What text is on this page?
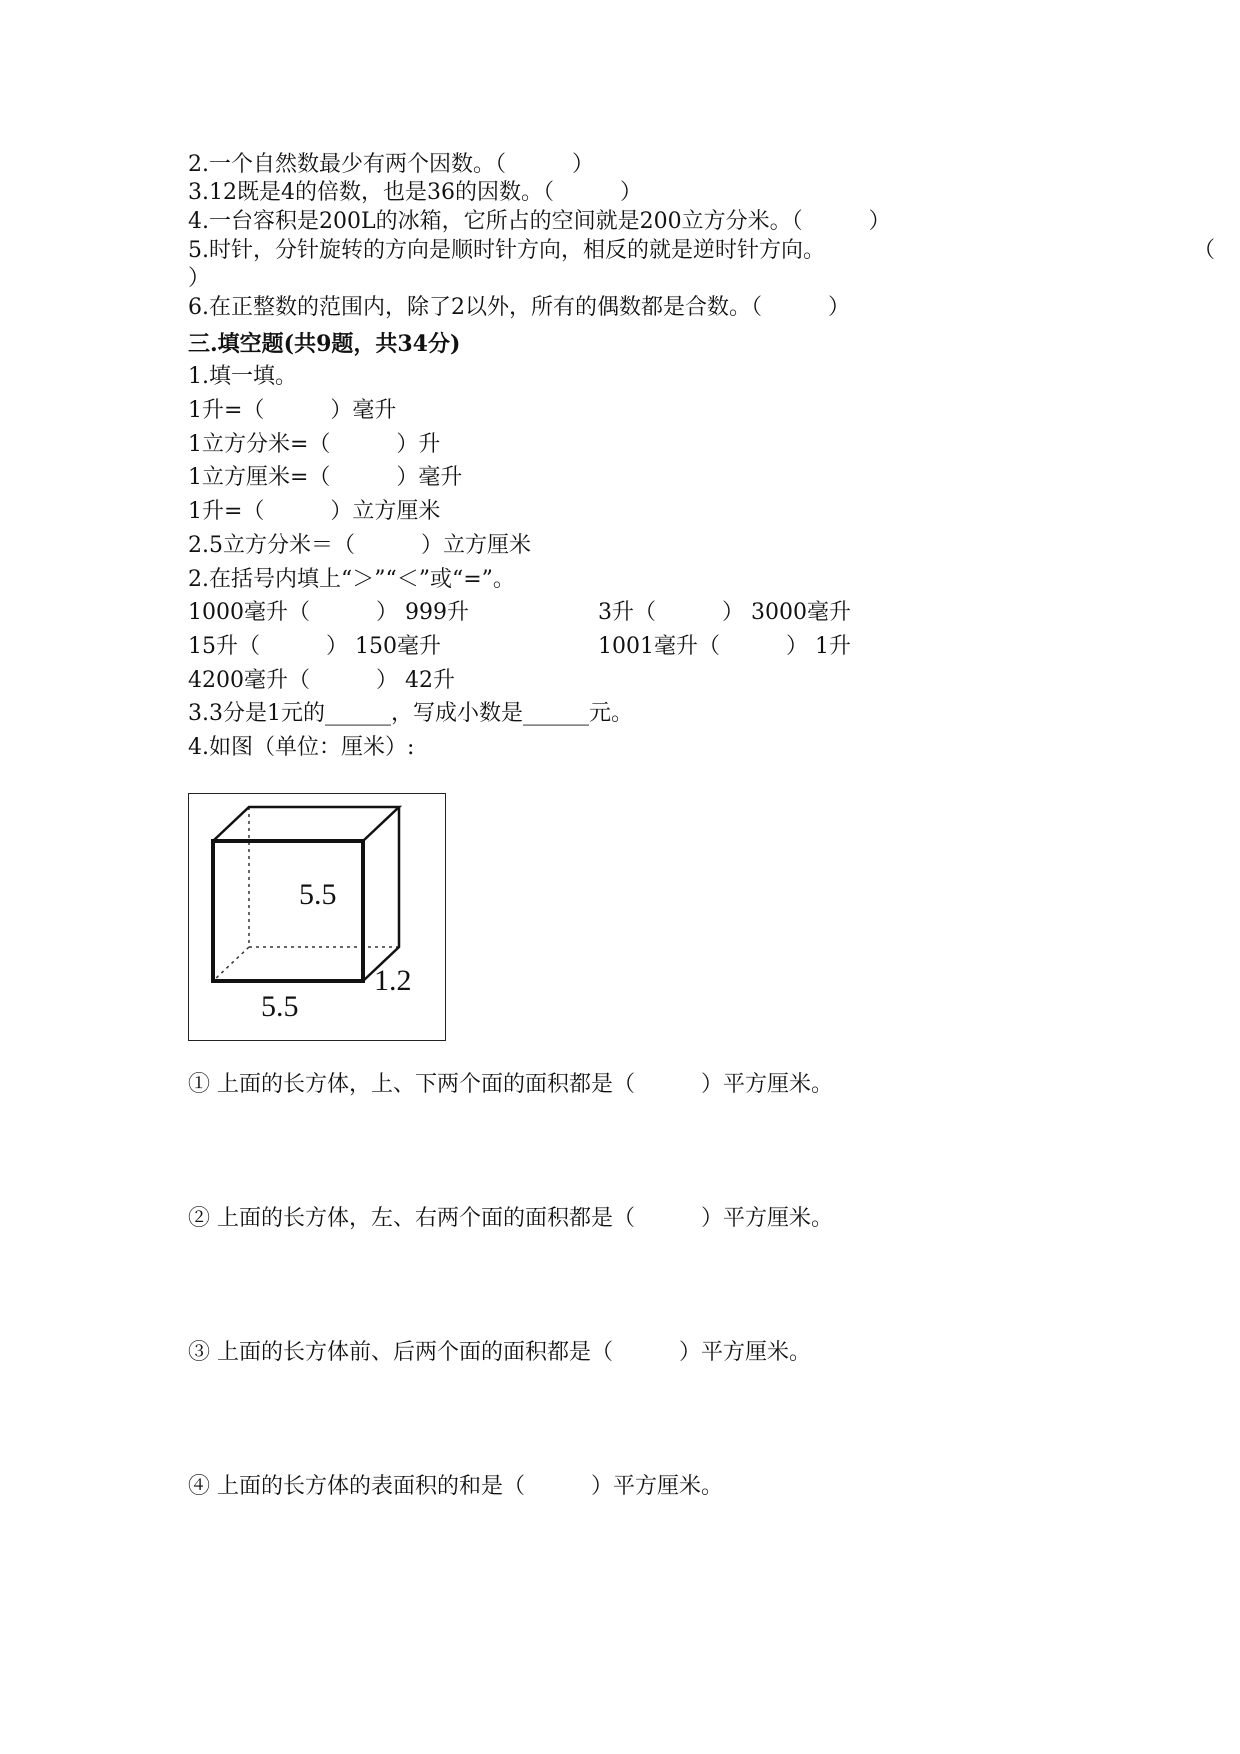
2.一个自然数最少有两个因数。（　　　）
3.12既是4的倍数，也是36的因数。（　　　）
4.一台容积是200L的冰箱，它所占的空间就是200立方分米。（　　　）
5.时针，分针旋转的方向是顺时针方向，相反的就是逆时针方向。	（
）
6.在正整数的范围内，除了2以外，所有的偶数都是合数。（　　　）
三.填空题(共9题，共34分)
1.填一填。
1升=（　　　）毫升
1立方分米=（　　　）升
1立方厘米=（　　　）毫升
1升=（　　　）立方厘米
2.5立方分米＝（　　　）立方厘米
2.在括号内填上“＞”“＜”或“=”。
1000毫升（　　　） 999升	3升（　　　） 3000毫升
15升（　　　） 150毫升	1001毫升（　　　） 1升
4200毫升（　　　） 42升
3.3分是1元的______，写成小数是______元。
4.如图（单位：厘米）:
5.5
5.5
1.2
① 上面的长方体，上、下两个面的面积都是（　　　）平方厘米。
② 上面的长方体，左、右两个面的面积都是（　　　）平方厘米。
③ 上面的长方体前、后两个面的面积都是（　　　）平方厘米。
④ 上面的长方体的表面积的和是（　　　）平方厘米。
